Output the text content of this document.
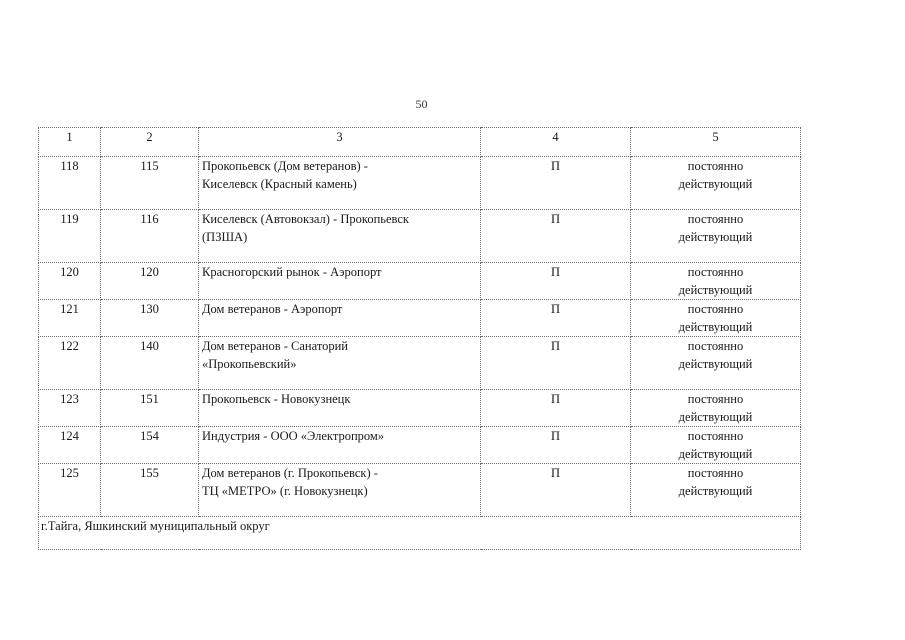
50
1	2	3	4	5
118	115	Прокопьевск (Дом ветеранов) -
Киселевск (Красный камень)	П	постоянно
действующий
119	116	Киселевск (Автовокзал) - Прокопьевск
(ПЗША)	П	постоянно
действующий
120	120	Красногорский рынок - Аэропорт	П	постоянно
действующий
121	130	Дом ветеранов - Аэропорт	П	постоянно
действующий
122	140	Дом ветеранов - Санаторий
«Прокопьевский»	П	постоянно
действующий
123	151	Прокопьевск - Новокузнецк	П	постоянно
действующий
124	154	Индустрия - ООО «Электропром»	П	постоянно
действующий
125	155	Дом ветеранов (г. Прокопьевск) -
ТЦ «МЕТРО» (г. Новокузнецк)	П	постоянно
действующий
г.Тайга, Яшкинский муниципальный округ				
